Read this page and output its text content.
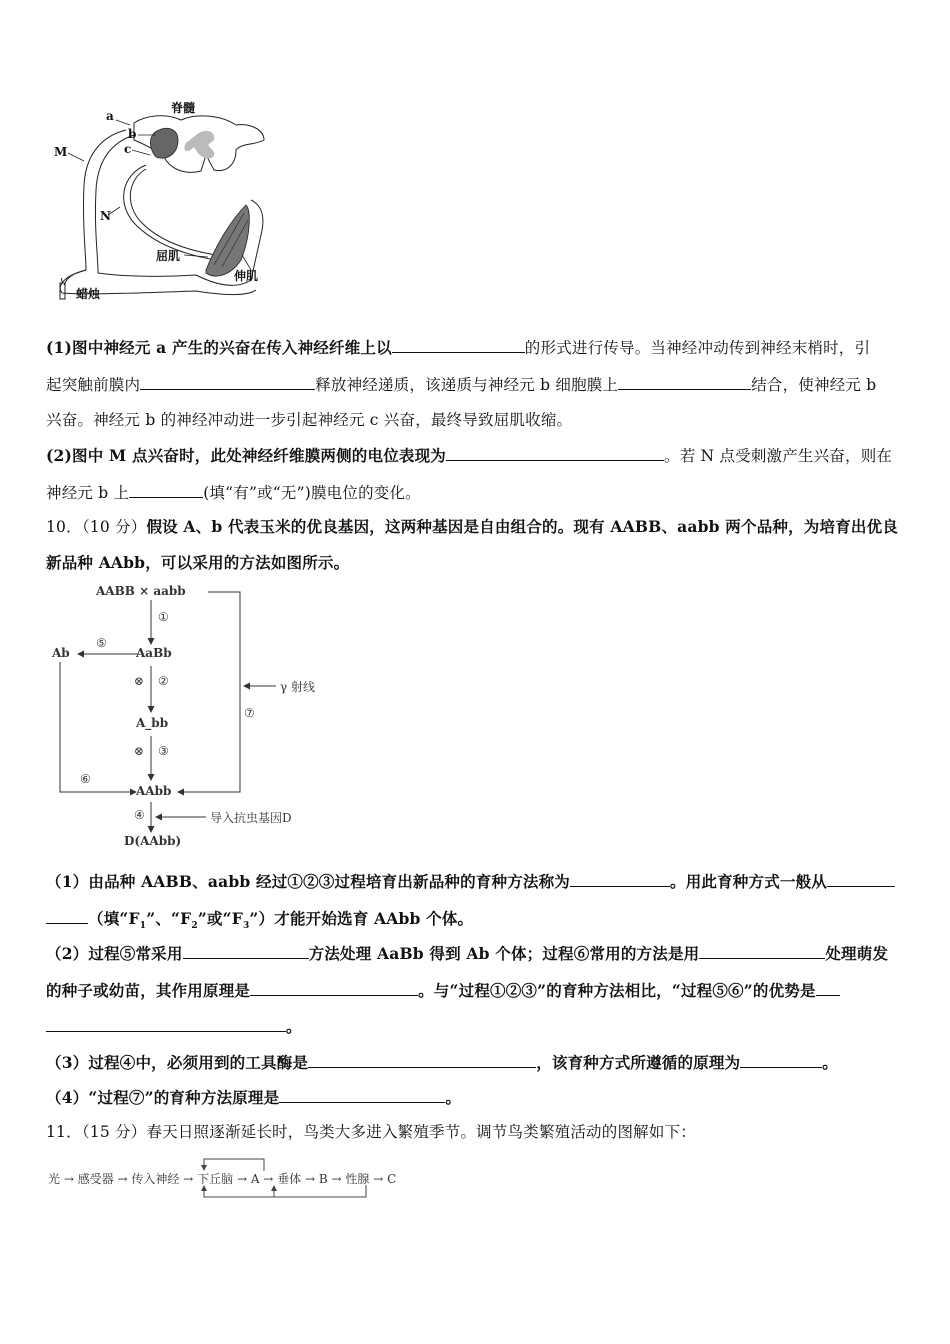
脊髓
a
b
c
M
N
屈肌
伸肌
蜡烛
(1)图中神经元 a 产生的兴奋在传入神经纤维上以	的形式进行传导。当神经冲动传到神经末梢时，引
起突触前膜内	释放神经递质，该递质与神经元 b 细胞膜上	结合，使神经元 b
兴奋。神经元 b 的神经冲动进一步引起神经元 c 兴奋，最终导致屈肌收缩。
(2)图中 M 点兴奋时，此处神经纤维膜两侧的电位表现为	。若 N 点受刺激产生兴奋，则在
神经元 b 上	(填“有”或“无”)膜电位的变化。
10．（10 分）假设 A、b 代表玉米的优良基因，这两种基因是自由组合的。现有 AABB、aabb 两个品种，为培育出优良
新品种 AAbb，可以采用的方法如图所示。
AABB × aabb
①
Ab
⑤
AaBb
⊗ ②
A_bb
⊗ ③
⑥
AAbb
⑦
γ 射线
④	导入抗虫基因D
D(AAbb)
（1）由品种 AABB、aabb 经过①②③过程培育出新品种的育种方法称为	。用此育种方式一般从
（填“$F_1$”、“$F_2$”或“$F_3$”）才能开始选育 AAbb 个体。
（2）过程⑤常采用	方法处理 AaBb 得到 Ab 个体；过程⑥常用的方法是用	处理萌发
的种子或幼苗，其作用原理是	。与“过程①②③”的育种方法相比，“过程⑤⑥”的优势是
。
（3）过程④中，必须用到的工具酶是	，该育种方式所遵循的原理为	。
（4）“过程⑦”的育种方法原理是	。
11．（15 分）春天日照逐渐延长时，鸟类大多进入繁殖季节。调节鸟类繁殖活动的图解如下：
光 → 感受器 → 传入神经 → 下丘脑 → A → 垂体 → B → 性腺 → C
